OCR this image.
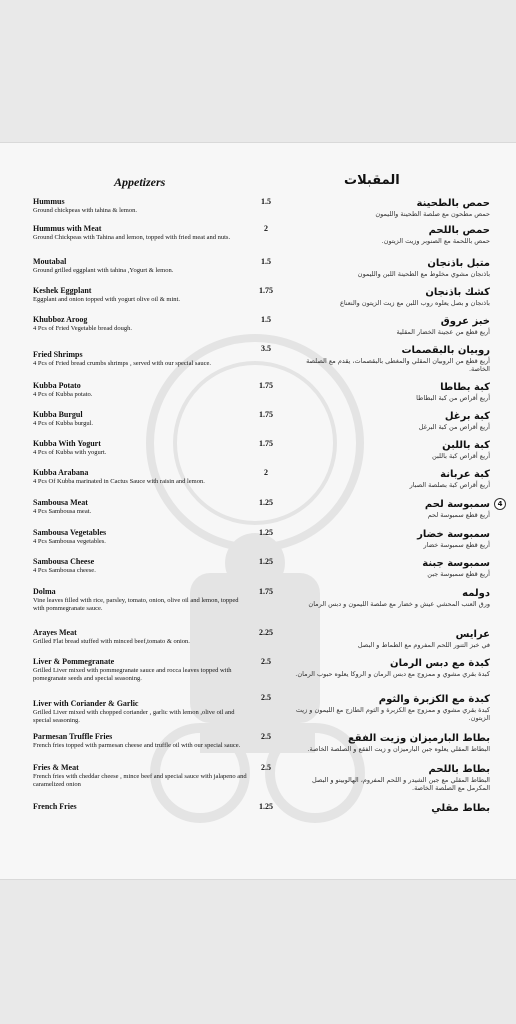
Appetizers	المقبلات
4
Hummus
Ground chickpeas with tahina & lemon.
1.5	حمص بالطحينة
حمص مطحون مع صلصة الطحينة والليمون
Hummus with Meat
Ground Chickpeas with Tahina and lemon, topped with fried meat and nuts.
2	حمص باللحم
حمص باللحمة مع الصنوبر وزيت الزيتون.
Moutabal
Ground grilled eggplant with tahina ,Yogurt & lemon.
1.5	متبل باذنجان
باذنجان مشوي مخلوط مع الطحينة اللبن والليمون
Keshek Eggplant
Eggplant and onion topped with yogurt olive oil & mint.
1.75	كشك باذنجان
باذنجان و بصل يعلوه روب اللبن مع زيت الزيتون والنعناع
Khubboz Aroog
4 Pcs of Fried Vegetable bread dough.
1.5	خبز عروق
أربع قطع من عجينة الخضار المقلية
Fried Shrimps
4 Pcs of Fried bread crumbs shrimps , served with our special sauce.
3.5	روبيان بالبقصمات
أربع قطع من الروبيان المقلي والمغطى بالبقصمات، يقدم مع الصلصة الخاصة.
Kubba Potato
4 Pcs of Kubba potato.
1.75	كبة بطاطا
أربع أقراص من كبة البطاطا
Kubba Burgul
4 Pcs of Kubba burgul.
1.75	كبة برغل
أربع أقراص من كبة البرغل
Kubba With Yogurt
4 Pcs of Kubba with yogurt.
1.75	كبة باللبن
أربع أقراص كبة باللبن
Kubba Arabana
4 Pcs Of Kubba marinated in Cactus Sauce with raisin and lemon.
2	كبة عربانة
أربع أقراص كبة بصلصة الصبار
Sambousa Meat
4 Pcs Sambousa meat.
1.25	سمبوسة لحم
أربع قطع سمبوسة لحم
Sambousa Vegetables
4 Pcs Sambousa vegetables.
1.25	سمبوسة خضار
أربع قطع سمبوسة خضار
Sambousa Cheese
4 Pcs Sambousa cheese.
1.25	سمبوسة جبنة
أربع قطع سمبوسة جبن
Dolma
Vine leaves filled with rice, parsley, tomato, onion, olive oil and lemon, topped with pommegranate sauce.
1.75	دولمه
ورق العنب المحشي عيش و خضار مع صلصة الليمون و دبس الرمان
Arayes Meat
Grilled Flat bread stuffed with minced beef,tomato & onion.
2.25	عرايس
في خبز التنور اللحم المفروم مع الطماط و البصل
Liver & Pommegranate
Grilled Liver mixed with pommegranate sauce and rocca leaves topped with pomegranate seeds and special seasoning.
2.5	كبدة مع دبس الرمان
كبدة بقري مشوي و ممزوج مع دبس الرمان و الروكا يعلوه حبوب الرمان.
Liver with Coriander & Garlic
Grilled Liver mixed with chopped coriander , garlic with lemon ,olive oil and special seasoning.
2.5	كبدة مع الكزبرة والثوم
كبدة بقري مشوي و ممزوج مع الكزبرة و الثوم الطازج مع الليمون و زيت الزيتون.
Parmesan Truffle Fries
French fries topped with parmesan cheese and truffle oil with our special sauce.
2.5	بطاط البارميزان وزيت الفقع
البطاط المقلي يعلوه جبن البارميزان و زيت الفقع و الصلصة الخاصة.
Fries & Meat
French fries with cheddar cheese , mince beef and special sauce with jalapeno and caramelized onion
2.5	بطاط باللحم
البطاط المقلي مع جبن الشيدر و اللحم المفروم، الهالوبينو و البصل المكرمل مع الصلصة الخاصة.
French Fries	1.25	بطاط مقلي
